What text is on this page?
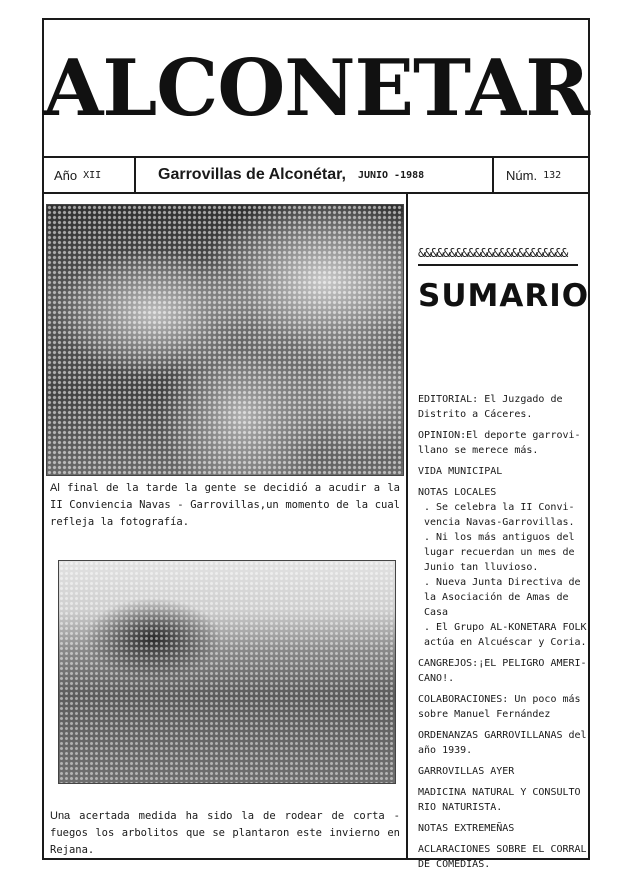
ALCONETAR
Año XII	Garrovillas de Alconétar, JUNIO -1988	Núm. 132
Al final de la tarde la gente se decidió a acudir a la II Conviencia Navas - Garrovillas,un momento de la cual refleja la fotografía.
Una acertada medida ha sido la de rodear de corta - fuegos los arbolitos que se plantaron este invierno en Rejana.
&&&&&&&&&&&&&&&&&&&&&&&&
SUMARIO
EDITORIAL: El Juzgado de Distrito a Cáceres.
OPINION:El deporte garrovi- llano se merece más.
VIDA MUNICIPAL
NOTAS LOCALES
. Se celebra la II Convi- vencia Navas-Garrovillas.
. Ni los más antiguos del lugar recuerdan un mes de Junio tan lluvioso.
. Nueva Junta Directiva de la Asociación de Amas de Casa
. El Grupo AL-KONETARA FOLK actúa en Alcuéscar y Coria.
CANGREJOS:¡EL PELIGRO AMERI- CANO!.
COLABORACIONES: Un poco más sobre Manuel Fernández
ORDENANZAS GARROVILLANAS del año 1939.
GARROVILLAS AYER
MADICINA NATURAL Y CONSULTO RIO NATURISTA.
NOTAS EXTREMEÑAS
ACLARACIONES SOBRE EL CORRAL DE COMEDIAS.
